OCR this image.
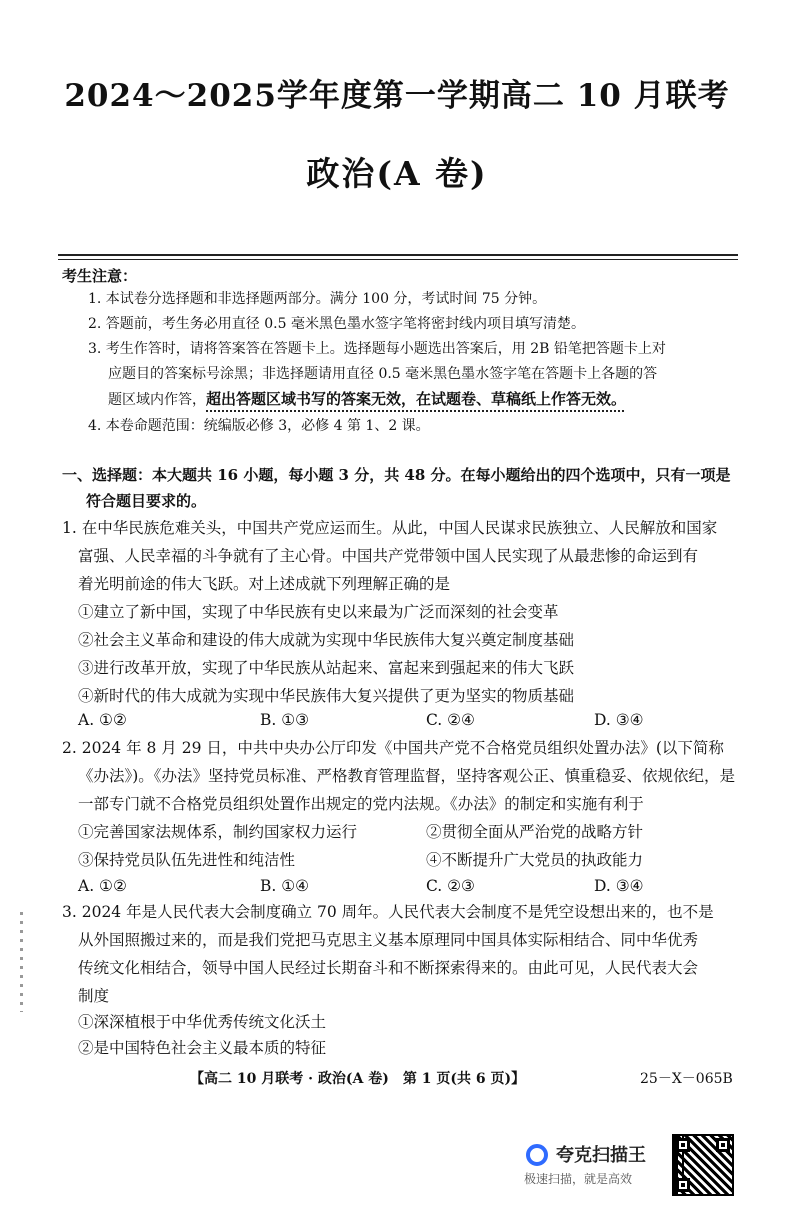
2024～2025学年度第一学期高二 10 月联考
政治(A 卷)
考生注意：
1. 本试卷分选择题和非选择题两部分。满分 100 分，考试时间 75 分钟。
2. 答题前，考生务必用直径 0.5 毫米黑色墨水签字笔将密封线内项目填写清楚。
3. 考生作答时，请将答案答在答题卡上。选择题每小题选出答案后，用 2B 铅笔把答题卡上对
应题目的答案标号涂黑；非选择题请用直径 0.5 毫米黑色墨水签字笔在答题卡上各题的答
题区域内作答，超出答题区域书写的答案无效，在试题卷、草稿纸上作答无效。
4. 本卷命题范围：统编版必修 3，必修 4 第 1、2 课。
一、选择题：本大题共 16 小题，每小题 3 分，共 48 分。在每小题给出的四个选项中，只有一项是
符合题目要求的。
1. 在中华民族危难关头，中国共产党应运而生。从此，中国人民谋求民族独立、人民解放和国家
富强、人民幸福的斗争就有了主心骨。中国共产党带领中国人民实现了从最悲惨的命运到有
着光明前途的伟大飞跃。对上述成就下列理解正确的是
①建立了新中国，实现了中华民族有史以来最为广泛而深刻的社会变革
②社会主义革命和建设的伟大成就为实现中华民族伟大复兴奠定制度基础
③进行改革开放，实现了中华民族从站起来、富起来到强起来的伟大飞跃
④新时代的伟大成就为实现中华民族伟大复兴提供了更为坚实的物质基础
A. ①②	B. ①③	C. ②④	D. ③④
2. 2024 年 8 月 29 日，中共中央办公厅印发《中国共产党不合格党员组织处置办法》(以下简称
《办法》)。《办法》坚持党员标准、严格教育管理监督，坚持客观公正、慎重稳妥、依规依纪，是
一部专门就不合格党员组织处置作出规定的党内法规。《办法》的制定和实施有利于
①完善国家法规体系，制约国家权力运行	②贯彻全面从严治党的战略方针
③保持党员队伍先进性和纯洁性	④不断提升广大党员的执政能力
A. ①②	B. ①④	C. ②③	D. ③④
3. 2024 年是人民代表大会制度确立 70 周年。人民代表大会制度不是凭空设想出来的，也不是
从外国照搬过来的，而是我们党把马克思主义基本原理同中国具体实际相结合、同中华优秀
传统文化相结合，领导中国人民经过长期奋斗和不断探索得来的。由此可见，人民代表大会
制度
①深深植根于中华优秀传统文化沃土
②是中国特色社会主义最本质的特征
【高二 10 月联考 · 政治(A 卷)　第 1 页(共 6 页)】	25－X－065B
夸克扫描王
极速扫描，就是高效
